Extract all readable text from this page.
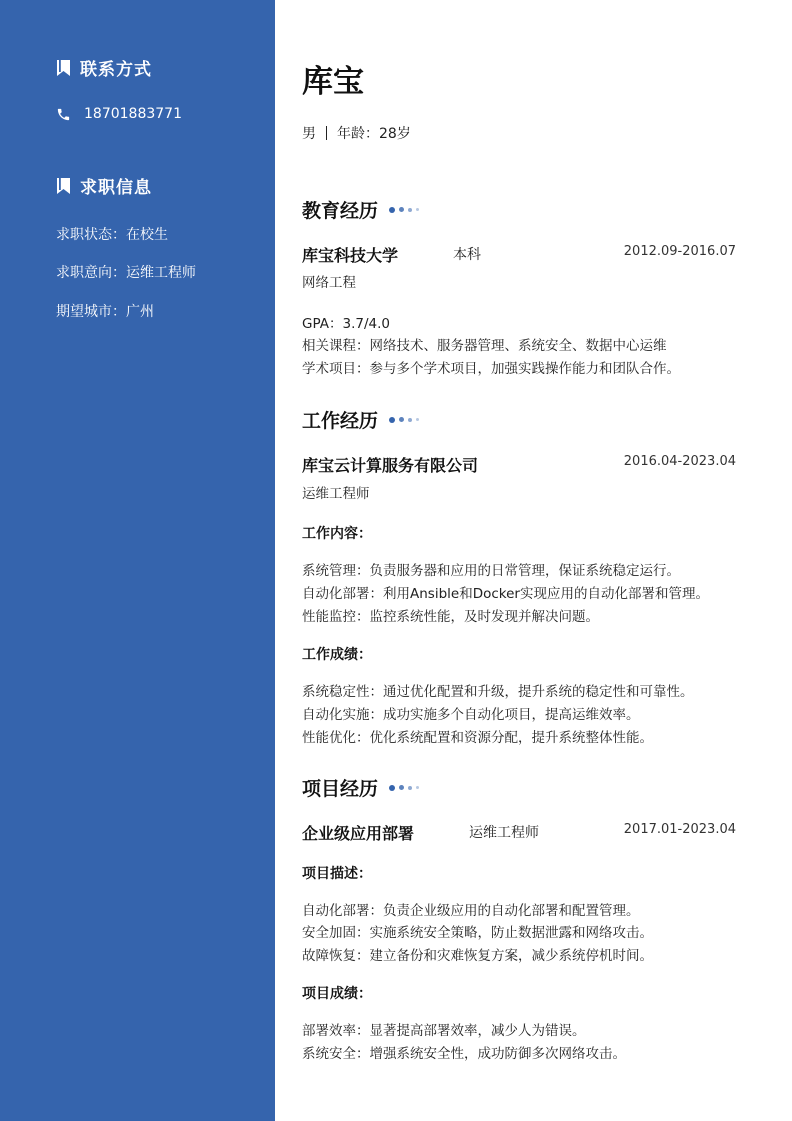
联系方式
18701883771
求职信息
求职状态：在校生
求职意向：运维工程师
期望城市：广州
库宝
男 年龄：28岁
教育经历
库宝科技大学	本科	2012.09-2016.07
网络工程
GPA：3.7/4.0
相关课程：网络技术、服务器管理、系统安全、数据中心运维
学术项目：参与多个学术项目，加强实践操作能力和团队合作。
工作经历
库宝云计算服务有限公司	2016.04-2023.04
运维工程师
工作内容：
系统管理：负责服务器和应用的日常管理，保证系统稳定运行。
自动化部署：利用Ansible和Docker实现应用的自动化部署和管理。
性能监控：监控系统性能，及时发现并解决问题。
工作成绩：
系统稳定性：通过优化配置和升级，提升系统的稳定性和可靠性。
自动化实施：成功实施多个自动化项目，提高运维效率。
性能优化：优化系统配置和资源分配，提升系统整体性能。
项目经历
企业级应用部署	运维工程师	2017.01-2023.04
项目描述：
自动化部署：负责企业级应用的自动化部署和配置管理。
安全加固：实施系统安全策略，防止数据泄露和网络攻击。
故障恢复：建立备份和灾难恢复方案，减少系统停机时间。
项目成绩：
部署效率：显著提高部署效率，减少人为错误。
系统安全：增强系统安全性，成功防御多次网络攻击。
